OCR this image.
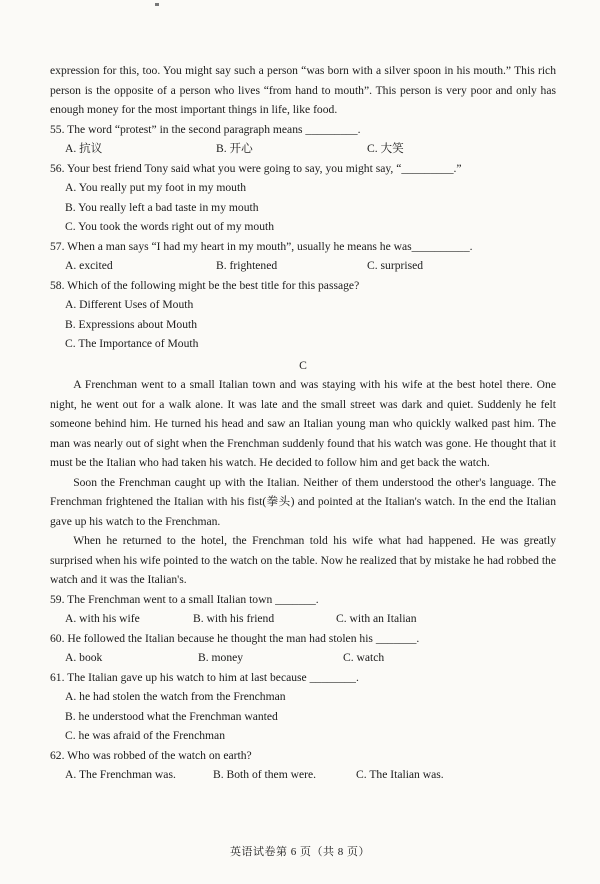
expression for this, too. You might say such a person “was born with a silver spoon in his mouth.” This rich person is the opposite of a person who lives “from hand to mouth”. This person is very poor and only has enough money for the most important things in life, like food.

55. The word “protest” in the second paragraph means _________.

A. 抗议	B. 开心	C. 大笑

56. Your best friend Tony said what you were going to say, you might say, “_________.”

A. You really put my foot in my mouth

B. You really left a bad taste in my mouth

C. You took the words right out of my mouth

57. When a man says “I had my heart in my mouth”, usually he means he was__________.

A. excited	B. frightened	C. surprised

58. Which of the following might be the best title for this passage?

A. Different Uses of Mouth

B. Expressions about Mouth

C. The Importance of Mouth

C

A Frenchman went to a small Italian town and was staying with his wife at the best hotel there. One night, he went out for a walk alone. It was late and the small street was dark and quiet. Suddenly he felt someone behind him. He turned his head and saw an Italian young man who quickly walked past him. The man was nearly out of sight when the Frenchman suddenly found that his watch was gone. He thought that it must be the Italian who had taken his watch. He decided to follow him and get back the watch.

Soon the Frenchman caught up with the Italian. Neither of them understood the other's language. The Frenchman frightened the Italian with his fist(拳头) and pointed at the Italian's watch. In the end the Italian gave up his watch to the Frenchman.

When he returned to the hotel, the Frenchman told his wife what had happened. He was greatly surprised when his wife pointed to the watch on the table. Now he realized that by mistake he had robbed the watch and it was the Italian's.

59. The Frenchman went to a small Italian town _______.

A. with his wife	B. with his friend	C. with an Italian

60. He followed the Italian because he thought the man had stolen his _______.

A. book	B. money	C. watch

61. The Italian gave up his watch to him at last because ________.

A. he had stolen the watch from the Frenchman

B. he understood what the Frenchman wanted

C. he was afraid of the Frenchman

62. Who was robbed of the watch on earth?

A. The Frenchman was.	B. Both of them were.	C. The Italian was.
英语试卷第 6 页（共 8 页）
